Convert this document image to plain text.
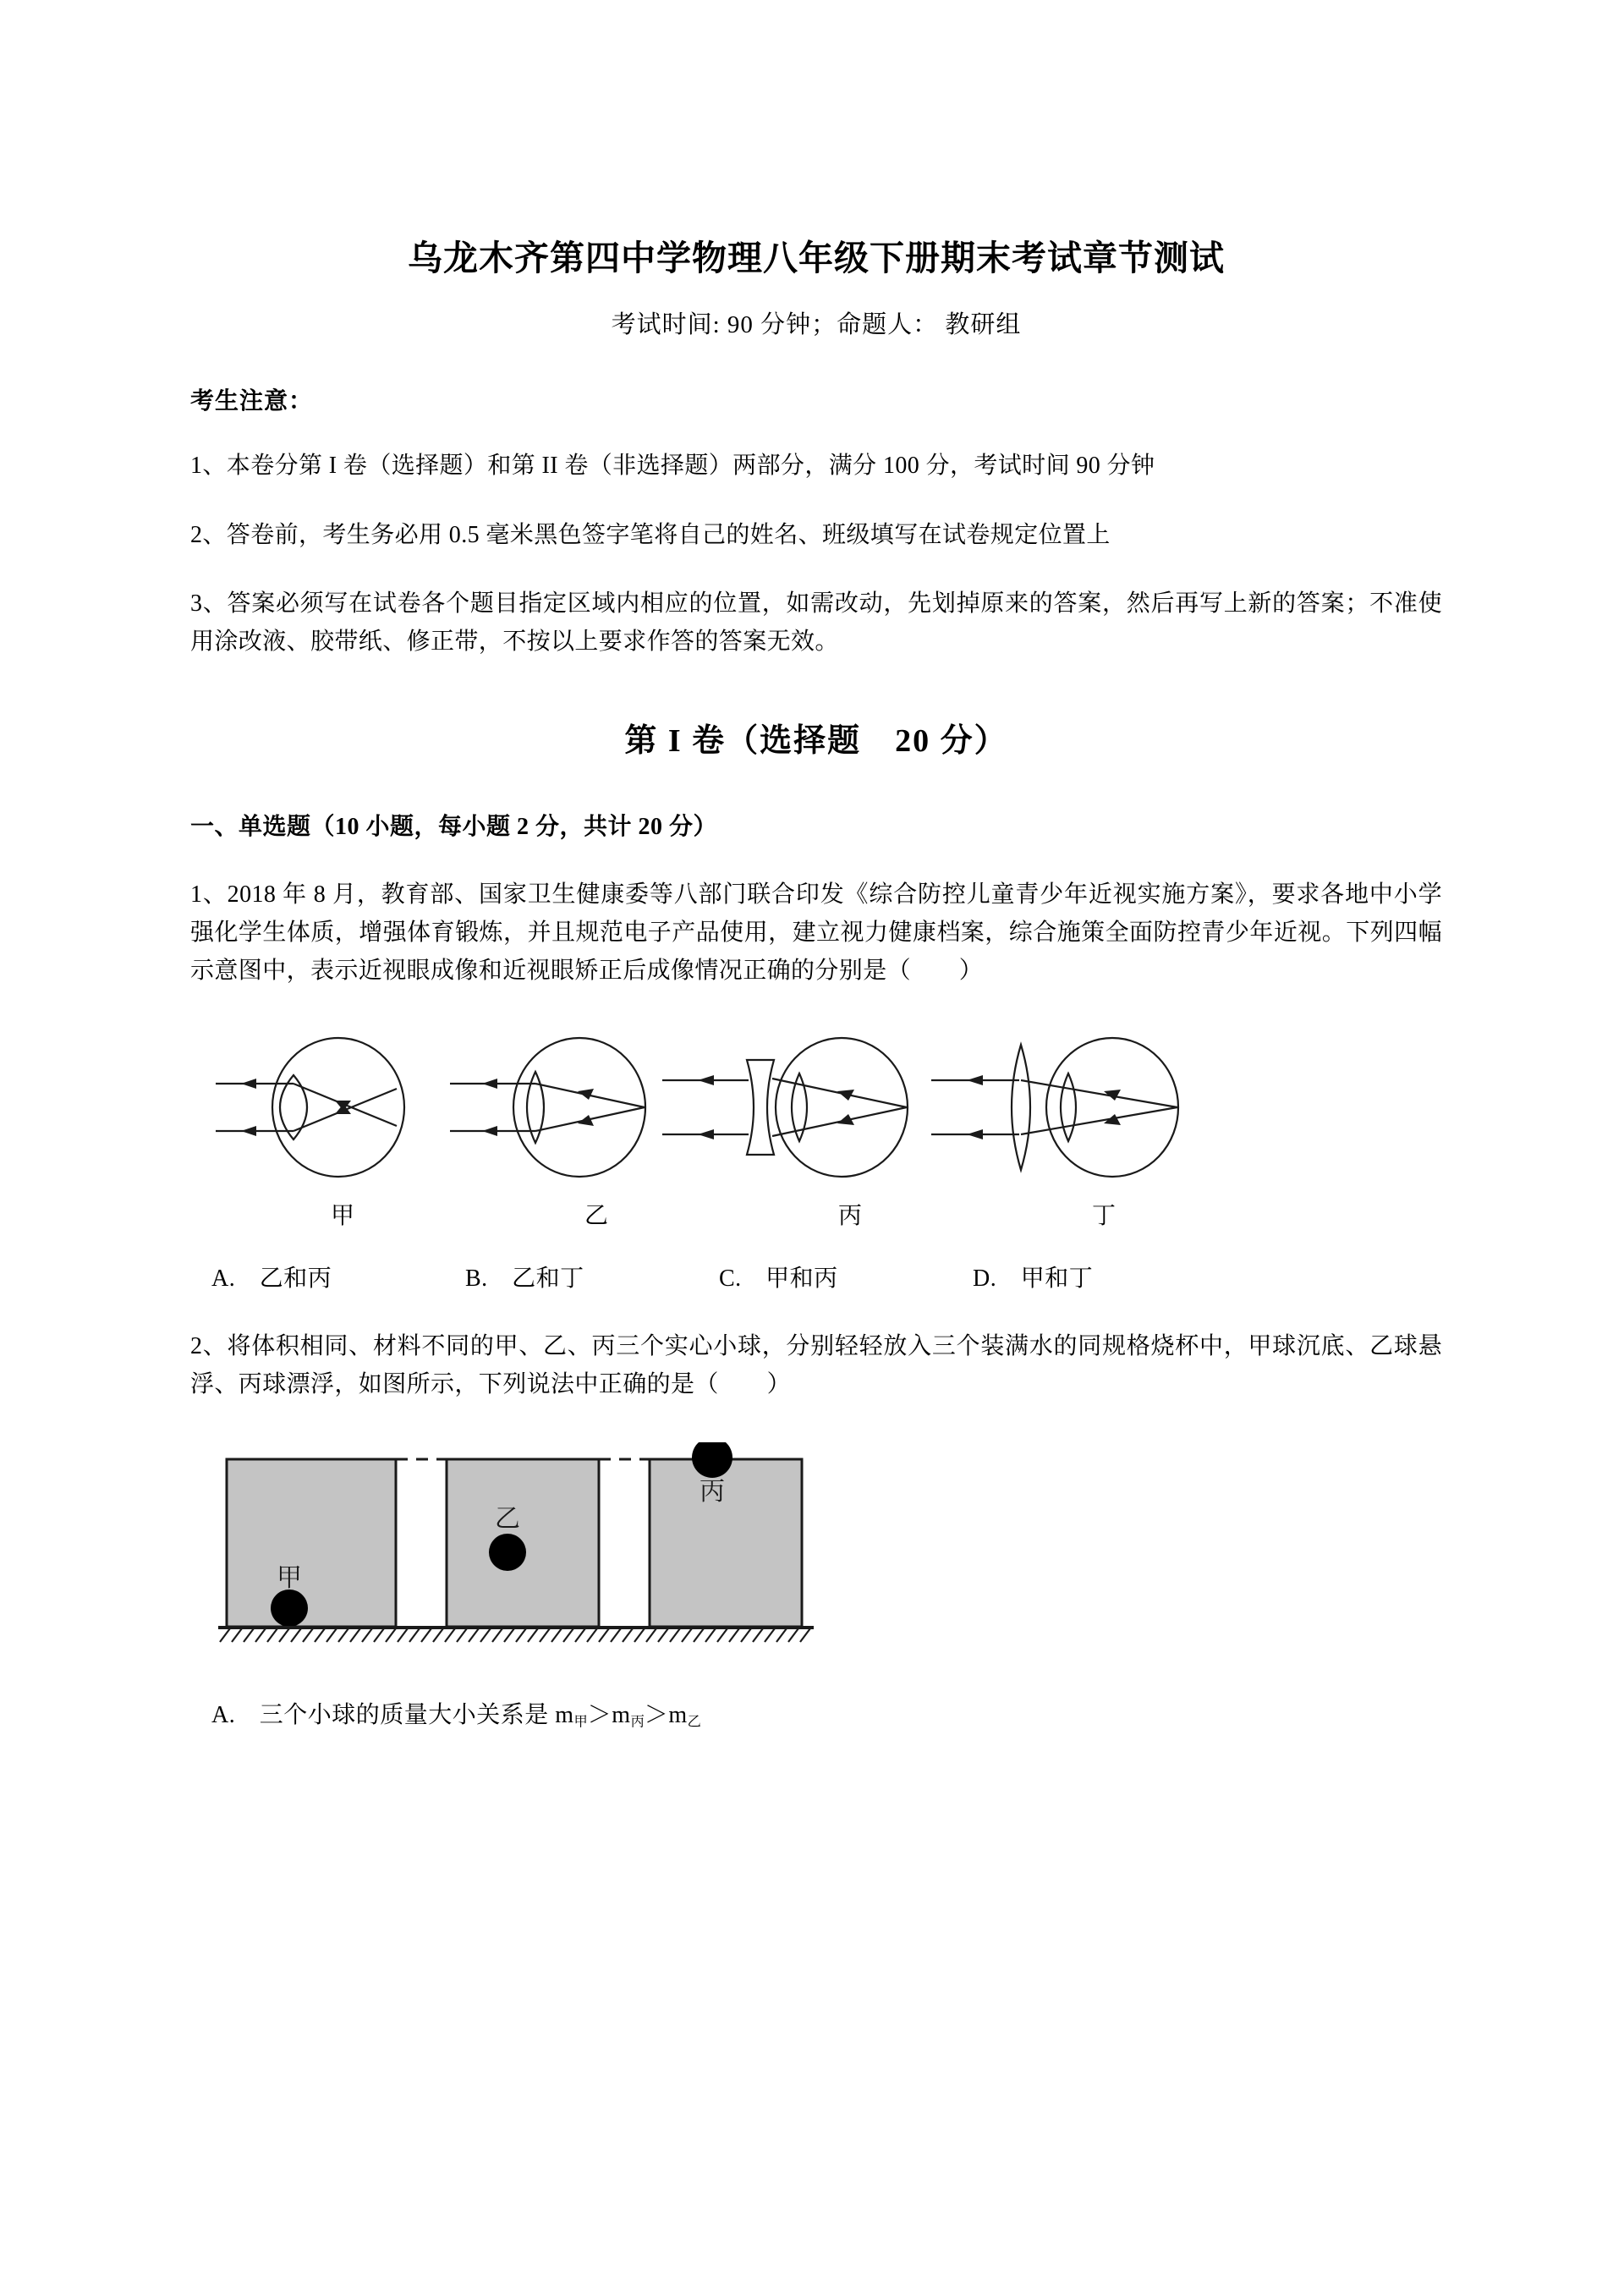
乌龙木齐第四中学物理八年级下册期末考试章节测试

考试时间: 90 分钟；命题人： 教研组

考生注意：

1、本卷分第 I 卷（选择题）和第 II 卷（非选择题）两部分，满分 100 分，考试时间 90 分钟

2、答卷前，考生务必用 0.5 毫米黑色签字笔将自己的姓名、班级填写在试卷规定位置上

3、答案必须写在试卷各个题目指定区域内相应的位置，如需改动，先划掉原来的答案，然后再写上新的答案；不准使用涂改液、胶带纸、修正带，不按以上要求作答的答案无效。

第 I 卷（选择题　20 分）

一、单选题（10 小题，每小题 2 分，共计 20 分）

1、2018 年 8 月，教育部、国家卫生健康委等八部门联合印发《综合防控儿童青少年近视实施方案》，要求各地中小学强化学生体质，增强体育锻炼，并且规范电子产品使用，建立视力健康档案，综合施策全面防控青少年近视。下列四幅示意图中，表示近视眼成像和近视眼矫正后成像情况正确的分别是（　　）

甲	乙	丙	丁
A.　乙和丙	B.　乙和丁	C.　甲和丙	D.　甲和丁

2、将体积相同、材料不同的甲、乙、丙三个实心小球，分别轻轻放入三个装满水的同规格烧杯中，甲球沉底、乙球悬浮、丙球漂浮，如图所示，下列说法中正确的是（　　）

甲
乙
丙

A.　三个小球的质量大小关系是 $m_甲>m_丙>m_乙$
